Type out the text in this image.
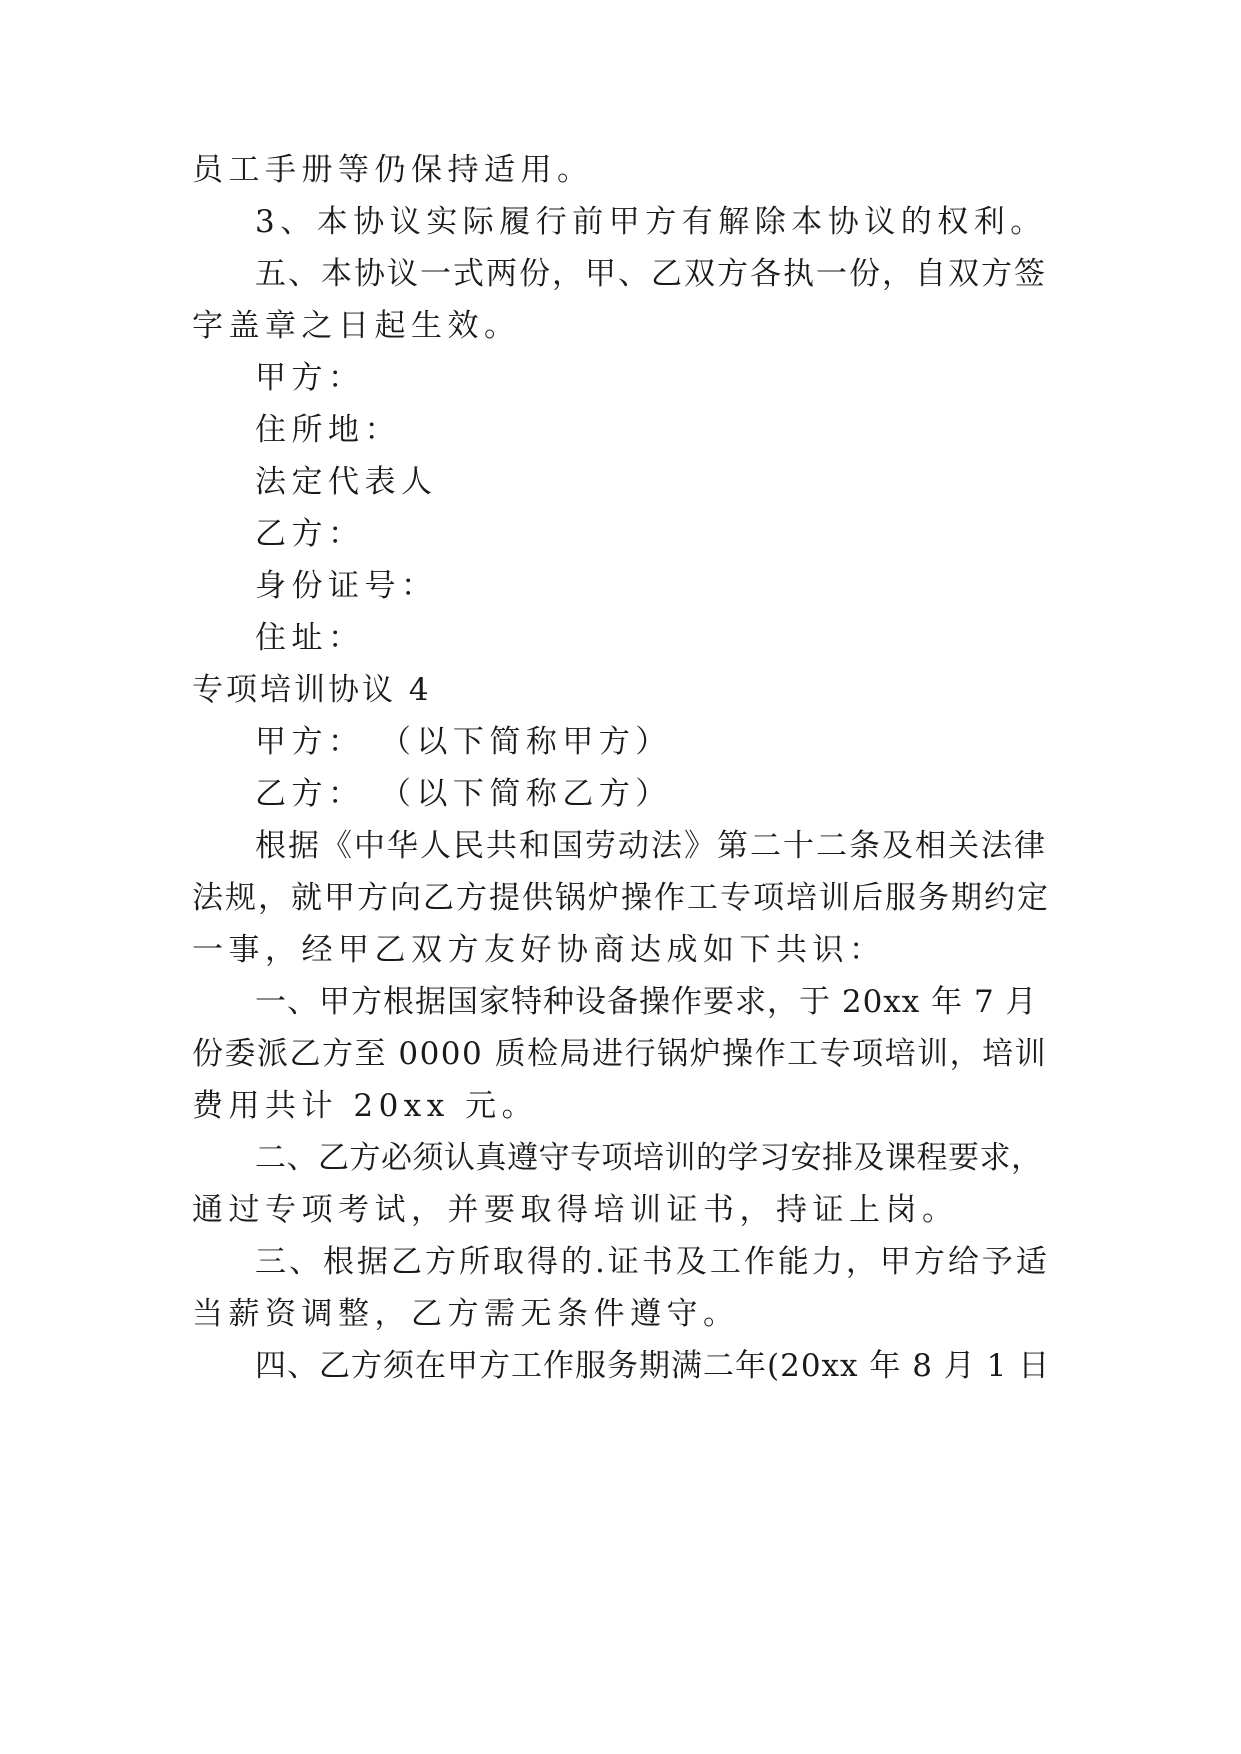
员工手册等仍保持适用。
3、本协议实际履行前甲方有解除本协议的权利。
五、本协议一式两份，甲、乙双方各执一份，自双方签
字盖章之日起生效。
甲方：
住所地：
法定代表人
乙方：
身份证号：
住址：
专项培训协议 4
甲方： （以下简称甲方）
乙方： （以下简称乙方）
根据《中华人民共和国劳动法》第二十二条及相关法律
法规，就甲方向乙方提供锅炉操作工专项培训后服务期约定
一事，经甲乙双方友好协商达成如下共识：
一、甲方根据国家特种设备操作要求，于 20xx 年 7 月
份委派乙方至 0000 质检局进行锅炉操作工专项培训，培训
费用共计 20xx 元。
二、乙方必须认真遵守专项培训的学习安排及课程要求，
通过专项考试，并要取得培训证书，持证上岗。
三、根据乙方所取得的.证书及工作能力，甲方给予适
当薪资调整，乙方需无条件遵守。
四、乙方须在甲方工作服务期满二年(20xx 年 8 月 1 日
